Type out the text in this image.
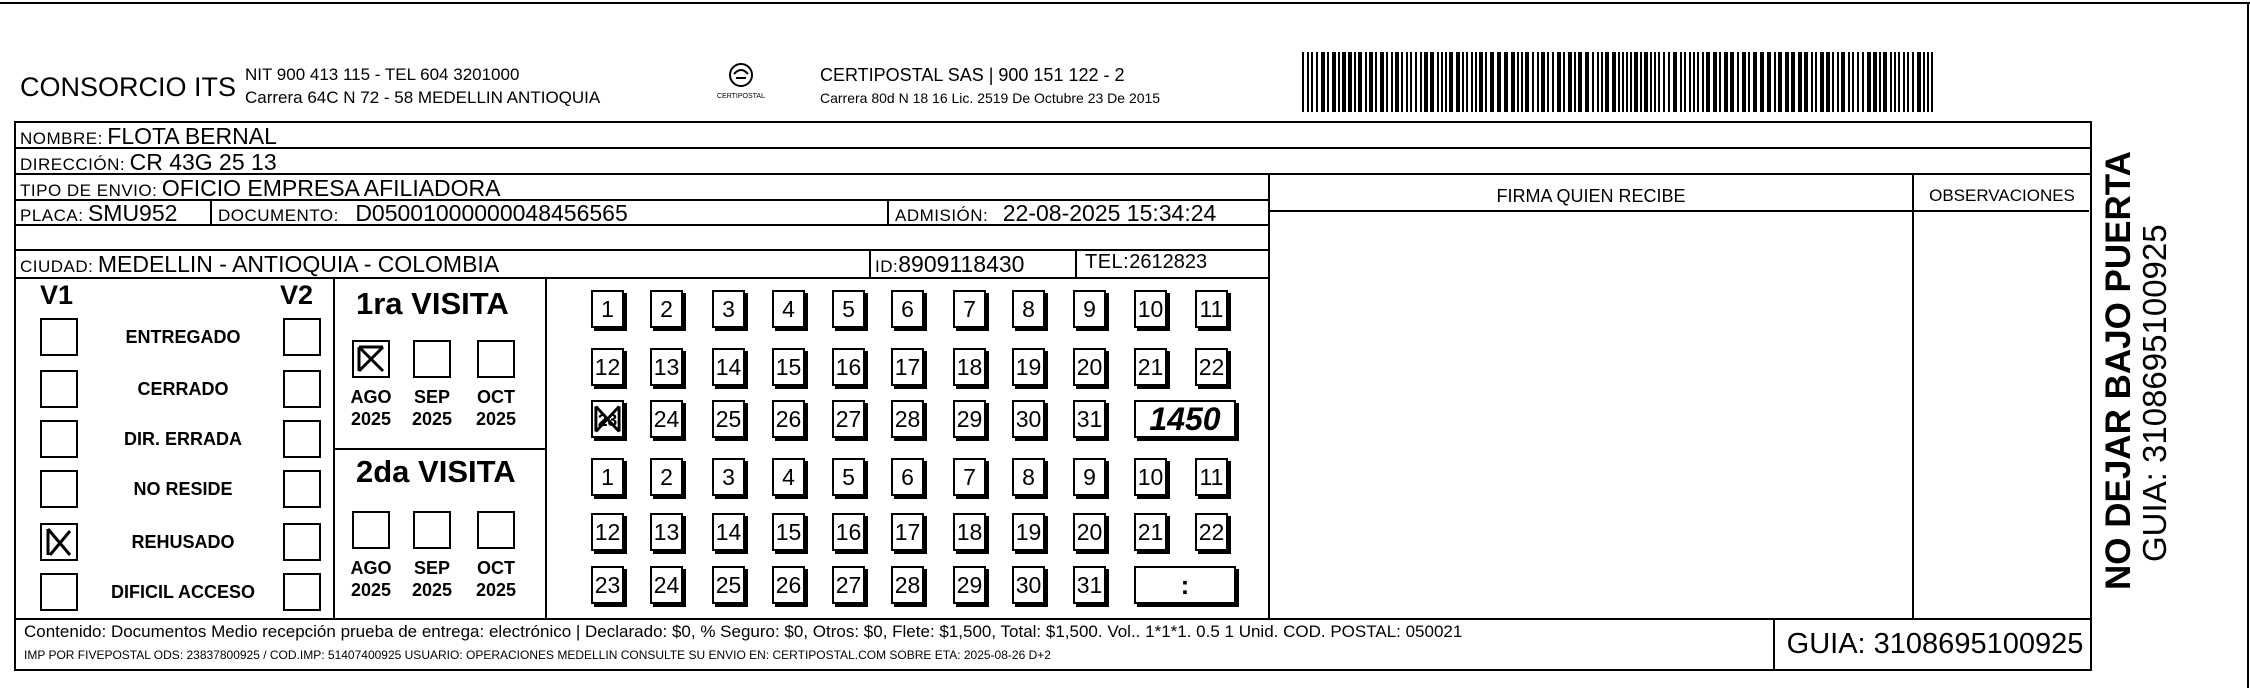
CONSORCIO ITS NIT 900 413 115 - TEL 604 3201000
Carrera 64C N 72 - 58 MEDELLIN ANTIOQUIA	CERTIPOSTAL
CERTIPOSTAL SAS | 900 151 122 - 2
Carrera 80d N 18 16 Lic. 2519 De Octubre 23 De 2015
NOMBRE: FLOTA BERNAL
DIRECCIÓN: CR 43G 25 13
TIPO DE ENVIO: OFICIO EMPRESA AFILIADORA
PLACA: SMU952 DOCUMENTO: D05001000000048456565	ADMISIÓN: 22-08-2025 15:34:24
CIUDAD: MEDELLIN - ANTIOQUIA - COLOMBIA	ID:8909118430	TEL:2612823
FIRMA QUIEN RECIBE	OBSERVACIONES
V1	V2
ENTREGADO
CERRADO
DIR. ERRADA
NO RESIDE
REHUSADO
DIFICIL ACCESO
1ra VISITA
2da VISITA
AGO
2025
SEP
2025
OCT
2025
1	2	3	4	5	6	7	8	9	10 11
12 13 14 15 16 17 18 19 20 21 22
23 24 25 26 27 28 29 30 31	1450
AGO
2025
SEP
2025
OCT
2025
1	2	3	4	5	6	7	8	9	10 11
12 13 14 15 16 17 18 19 20 21 22
23 24 25 26 27 28 29 30 31	:
Contenido: Documentos Medio recepción prueba de entrega: electrónico | Declarado: $0, % Seguro: $0, Otros: $0, Flete: $1,500, Total: $1,500. Vol.. 1*1*1. 0.5 1 Unid. COD. POSTAL: 050021
IMP POR FIVEPOSTAL ODS: 23837800925 / COD.IMP: 51407400925 USUARIO: OPERACIONES MEDELLIN CONSULTE SU ENVIO EN: CERTIPOSTAL.COM SOBRE ETA: 2025-08-26 D+2	GUIA: 3108695100925
NO DEJAR BAJO PUERTA
GUIA: 3108695100925
